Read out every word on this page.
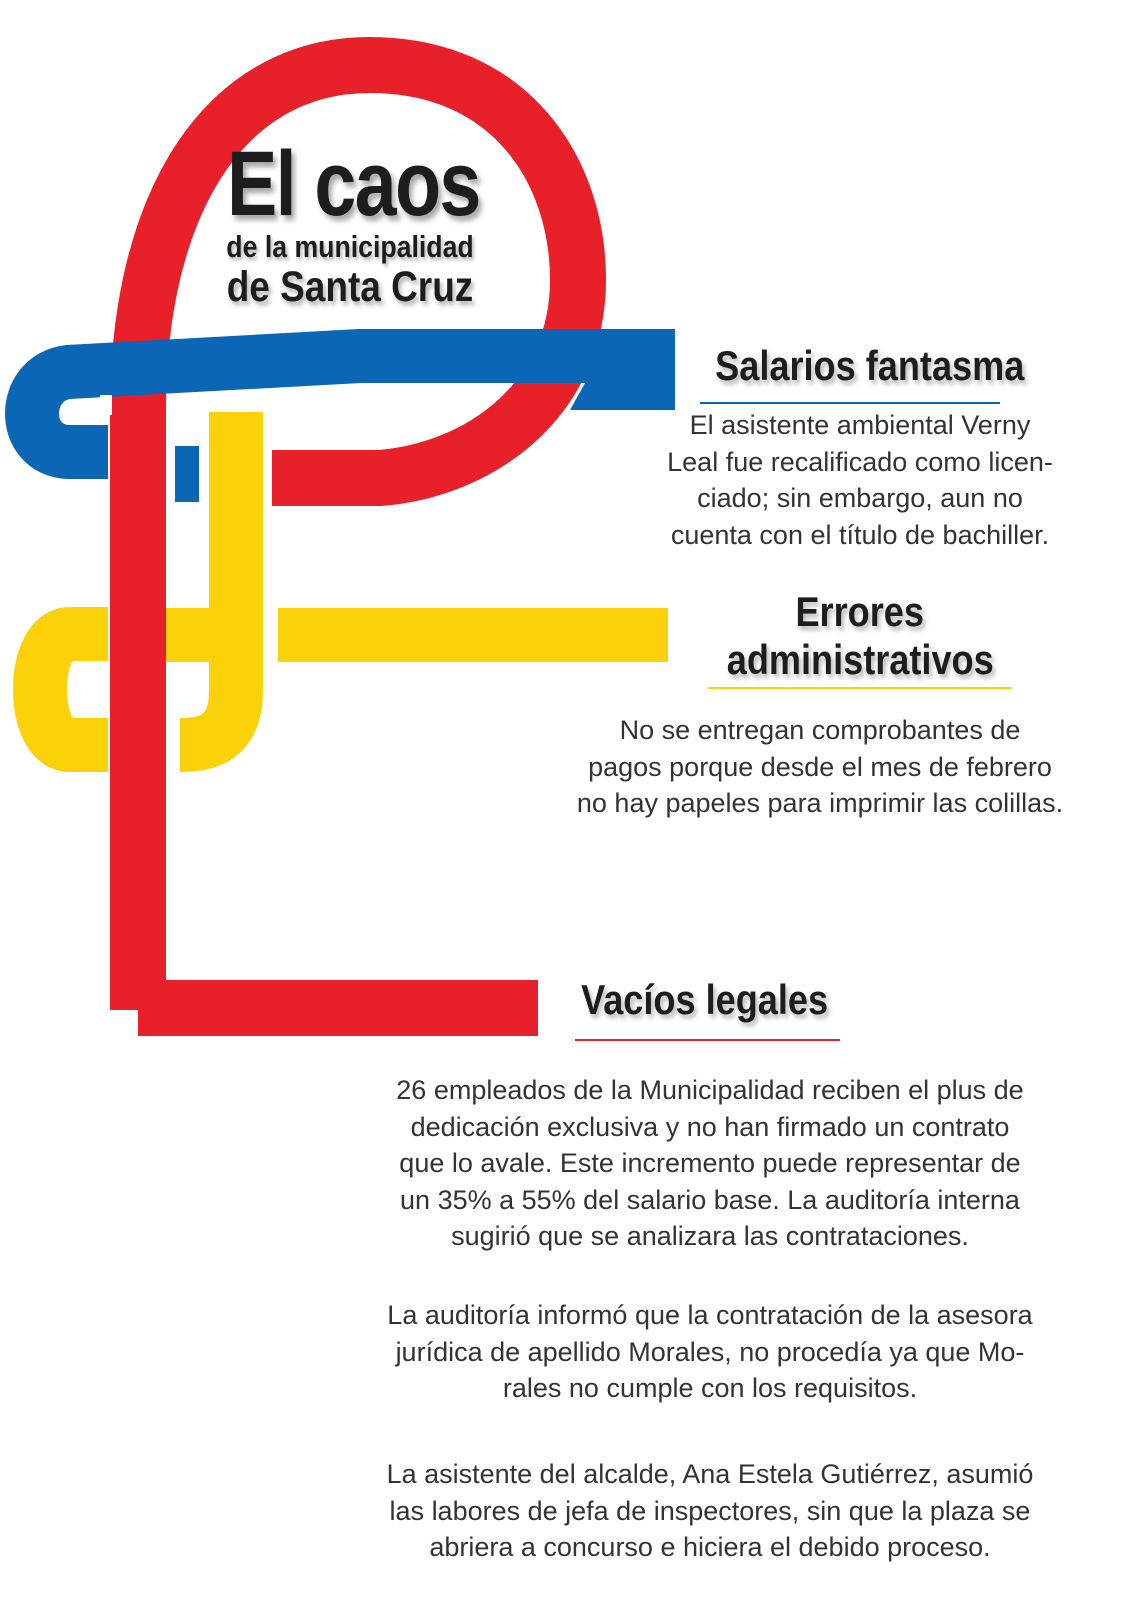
El caos
de la municipalidad
de Santa Cruz
Salarios fantasma
El asistente ambiental Verny
Leal fue recalificado como licen-
ciado; sin embargo, aun no
cuenta con el título de bachiller.
Errores
administrativos
No se entregan comprobantes de
pagos porque desde el mes de febrero
no hay papeles para imprimir las colillas.
Vacíos legales
26 empleados de la Municipalidad reciben el plus de
dedicación exclusiva y no han firmado un contrato
que lo avale. Este incremento puede representar de
un 35% a 55% del salario base. La auditoría interna
sugirió que se analizara las contrataciones.
La auditoría informó que la contratación de la asesora
jurídica de apellido Morales, no procedía ya que Mo-
rales no cumple con los requisitos.
La asistente del alcalde, Ana Estela Gutiérrez, asumió
las labores de jefa de inspectores, sin que la plaza se
abriera a concurso e hiciera el debido proceso.
